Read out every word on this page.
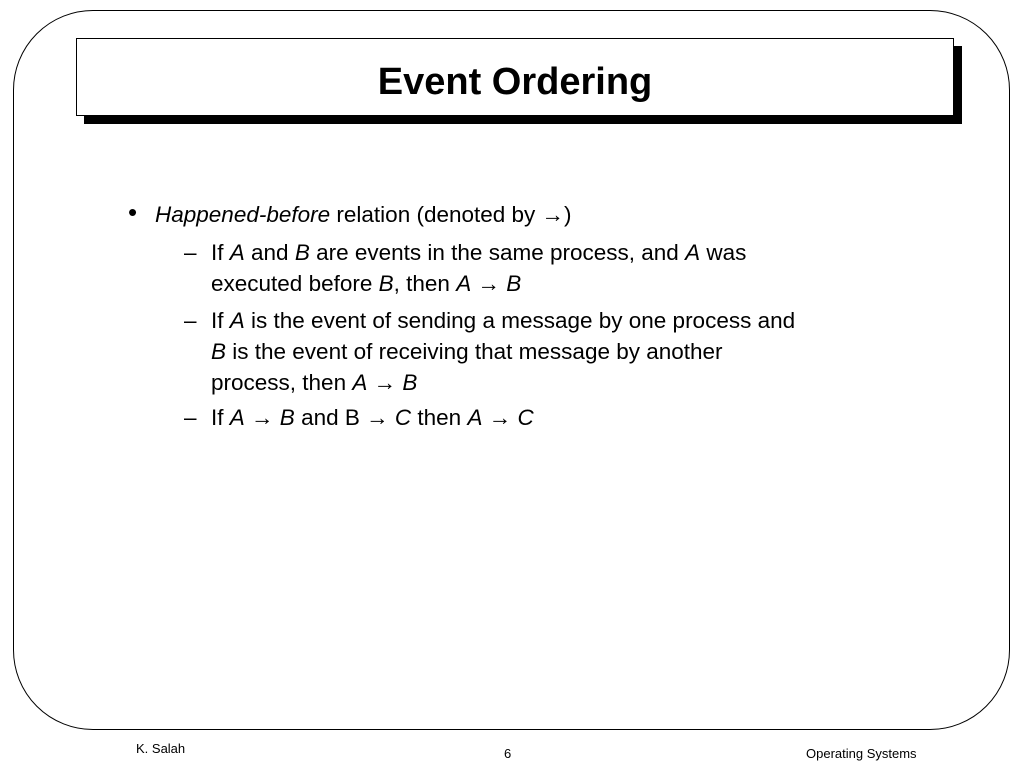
Event Ordering
• Happened-before relation (denoted by →)
– If A and B are events in the same process, and A was
executed before B, then A → B
– If A is the event of sending a message by one process and
B is the event of receiving that message by another
process, then A → B
– If A → B and B → C then A → C
K. Salah	6	Operating Systems
